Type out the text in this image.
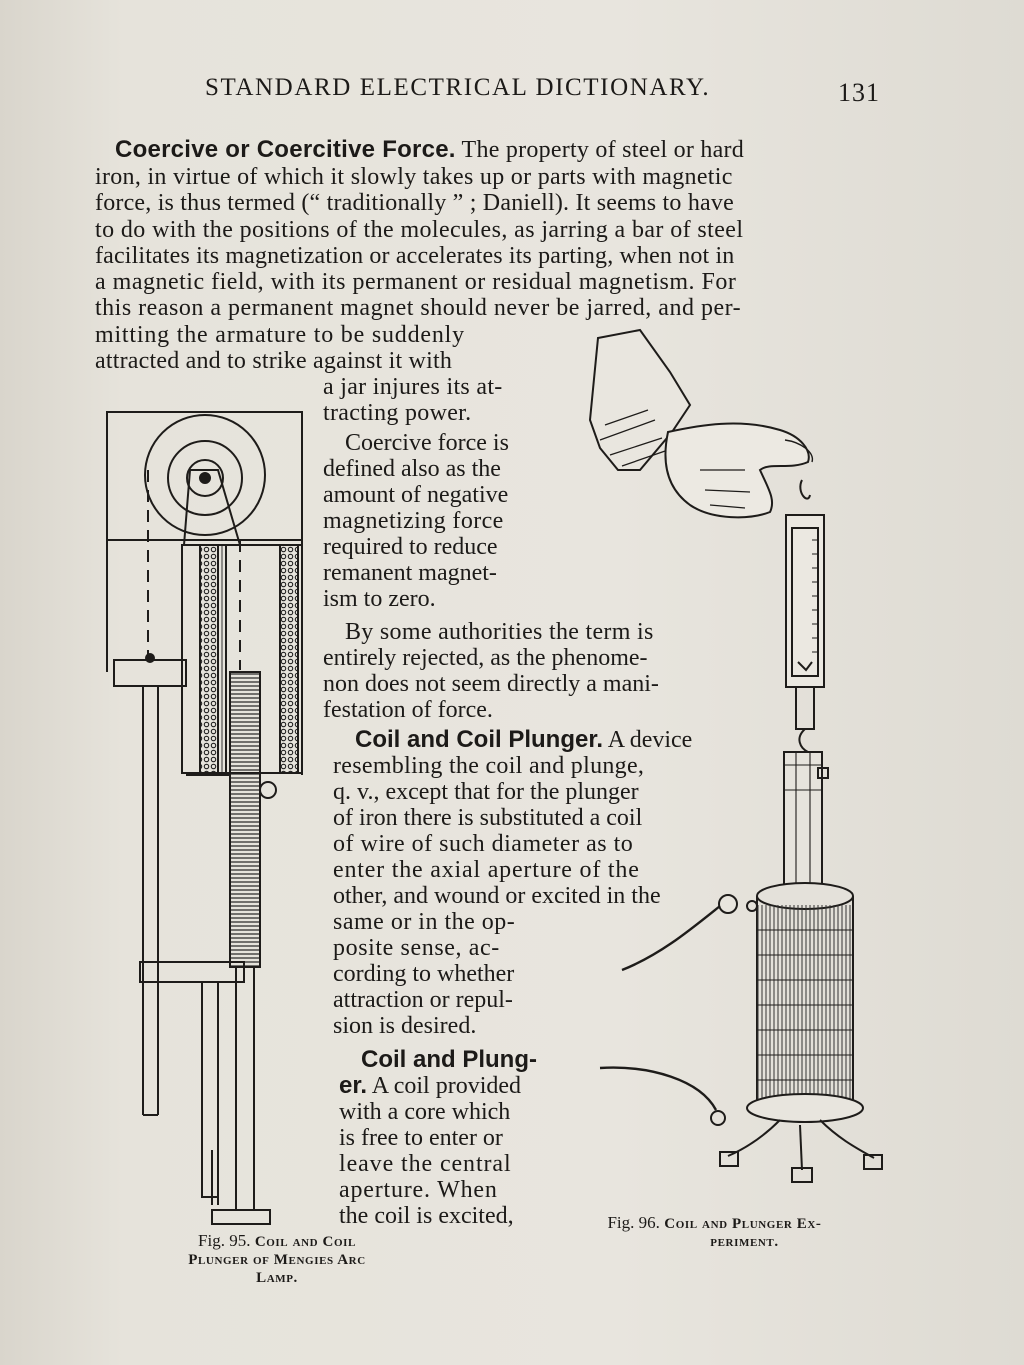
STANDARD ELECTRICAL DICTIONARY.	131
Coercive or Coercitive Force. The property of steel or hard
iron, in virtue of which it slowly takes up or parts with magnetic
force, is thus termed (“ traditionally ” ; Daniell). It seems to have
to do with the positions of the molecules, as jarring a bar of steel
facilitates its magnetization or accelerates its parting, when not in
a magnetic field, with its permanent or residual magnetism. For
this reason a permanent magnet should never be jarred, and per-
mitting the armature to be suddenly
attracted and to strike against it with
a jar injures its at-
tracting power.
Coercive force is
defined also as the
amount of negative
magnetizing force
required to reduce
remanent magnet-
ism to zero.
By some authorities the term is
entirely rejected, as the phenome-
non does not seem directly a mani-
festation of force.
Coil and Coil Plunger. A device
resembling the coil and plunge,
q. v., except that for the plunger
of iron there is substituted a coil
of wire of such diameter as to
enter the axial aperture of the
other, and wound or excited in the
same or in the op-
posite sense, ac-
cording to whether
attraction or repul-
sion is desired.
Coil and Plung-
er. A coil provided
with a core which
is free to enter or
leave the central
aperture. When
the coil is excited,
Fig. 95. Coil and Coil
Plunger of Mengies Arc
Lamp.
Fig. 96. Coil and Plunger Ex-
periment.
